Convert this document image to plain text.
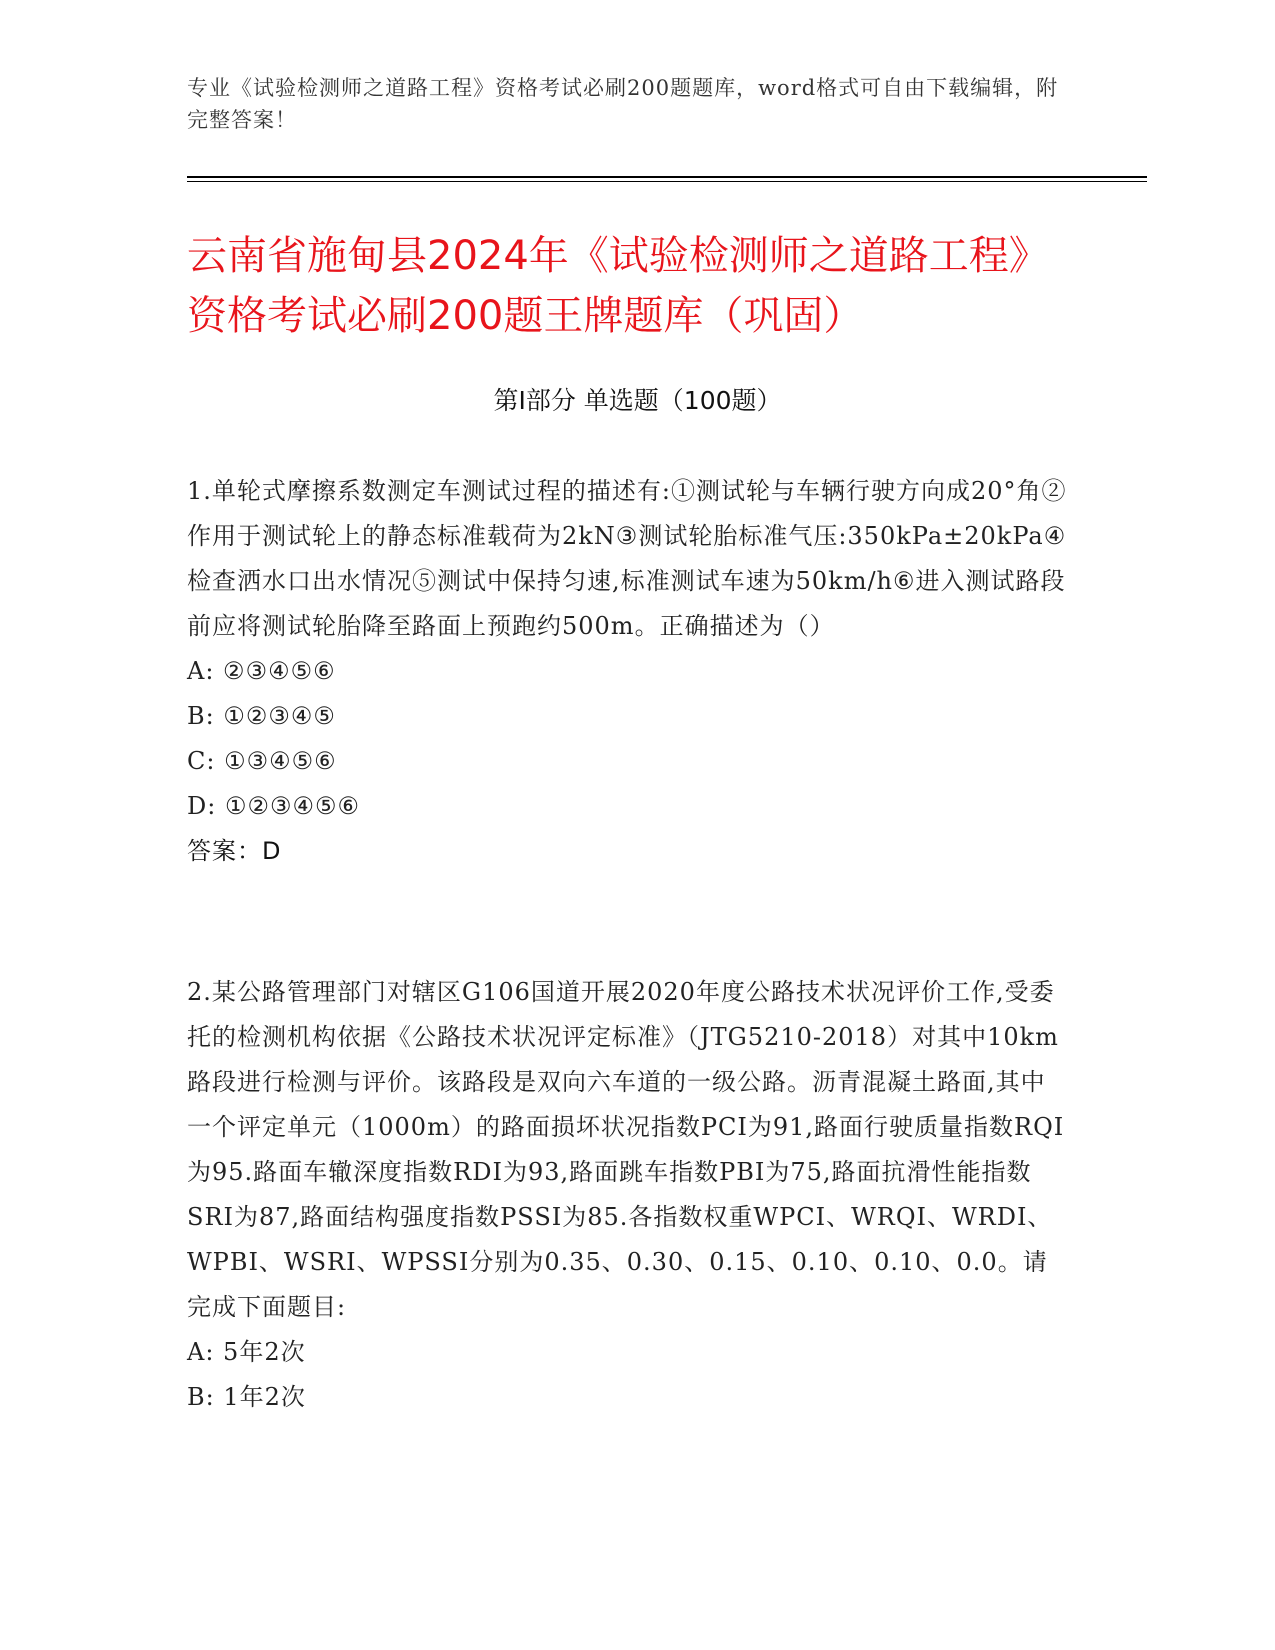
专业《试验检测师之道路工程》资格考试必刷200题题库，word格式可自由下载编辑，附完整答案！
云南省施甸县2024年《试验检测师之道路工程》资格考试必刷200题王牌题库（巩固）
第Ⅰ部分 单选题（100题）
1.单轮式摩擦系数测定车测试过程的描述有:①测试轮与车辆行驶方向成20°角②作用于测试轮上的静态标准载荷为2kN③测试轮胎标准气压:350kPa±20kPa④检查洒水口出水情况⑤测试中保持匀速,标准测试车速为50km/h⑥进入测试路段前应将测试轮胎降至路面上预跑约500m。正确描述为（）
A: ②③④⑤⑥
B: ①②③④⑤
C: ①③④⑤⑥
D: ①②③④⑤⑥
答案：D
2.某公路管理部门对辖区G106国道开展2020年度公路技术状况评价工作,受委托的检测机构依据《公路技术状况评定标准》（JTG5210-2018）对其中10km路段进行检测与评价。该路段是双向六车道的一级公路。沥青混凝土路面,其中一个评定单元（1000m）的路面损坏状况指数PCI为91,路面行驶质量指数RQI为95.路面车辙深度指数RDI为93,路面跳车指数PBI为75,路面抗滑性能指数SRI为87,路面结构强度指数PSSI为85.各指数权重WPCI、WRQI、WRDI、WPBI、WSRI、WPSSI分别为0.35、0.30、0.15、0.10、0.10、0.0。请完成下面题目:
A: 5年2次
B: 1年2次
